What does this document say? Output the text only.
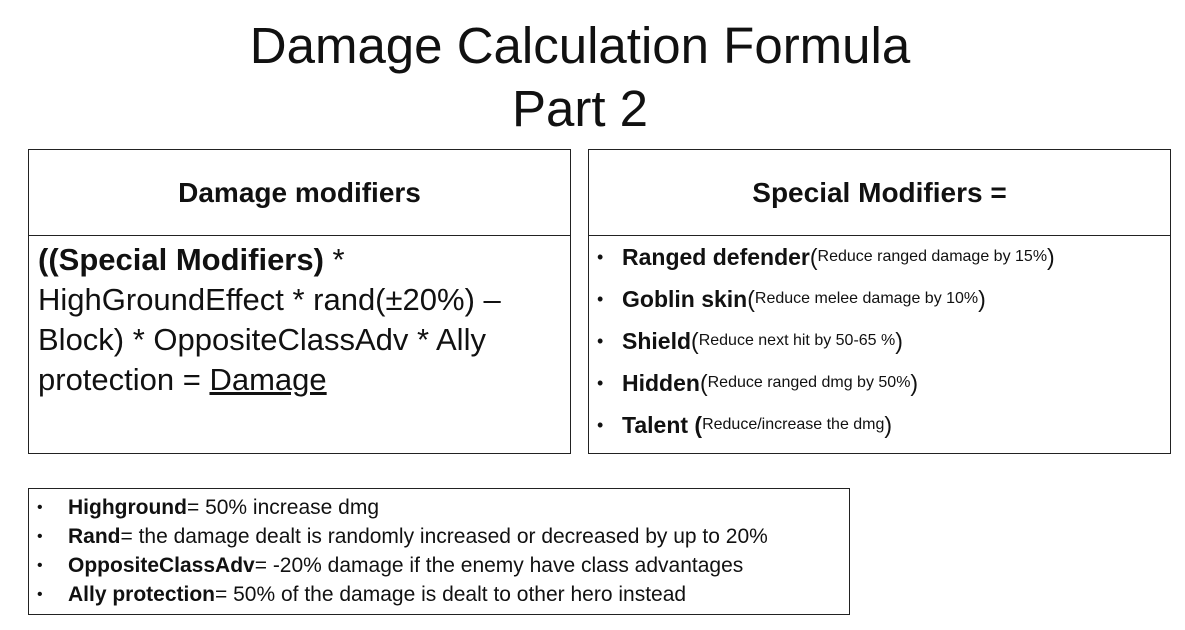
Damage Calculation Formula
Part 2
Damage modifiers
((Special Modifiers) * HighGroundEffect * rand(±20%) – Block) * OppositeClassAdv * Ally protection = Damage
Special Modifiers =
• Ranged defender ( Reduce ranged damage by 15% )
• Goblin skin ( Reduce melee damage by 10% )
• Shield ( Reduce next hit by 50-65 % )
• Hidden ( Reduce ranged dmg by 50% )
• Talent ( Reduce/increase the dmg )
•	Highground = 50% increase dmg
•	Rand = the damage dealt is randomly increased or decreased by up to 20%
•	OppositeClassAdv = -20% damage if the enemy have class advantages
•	Ally protection = 50% of the damage is dealt to other hero instead
